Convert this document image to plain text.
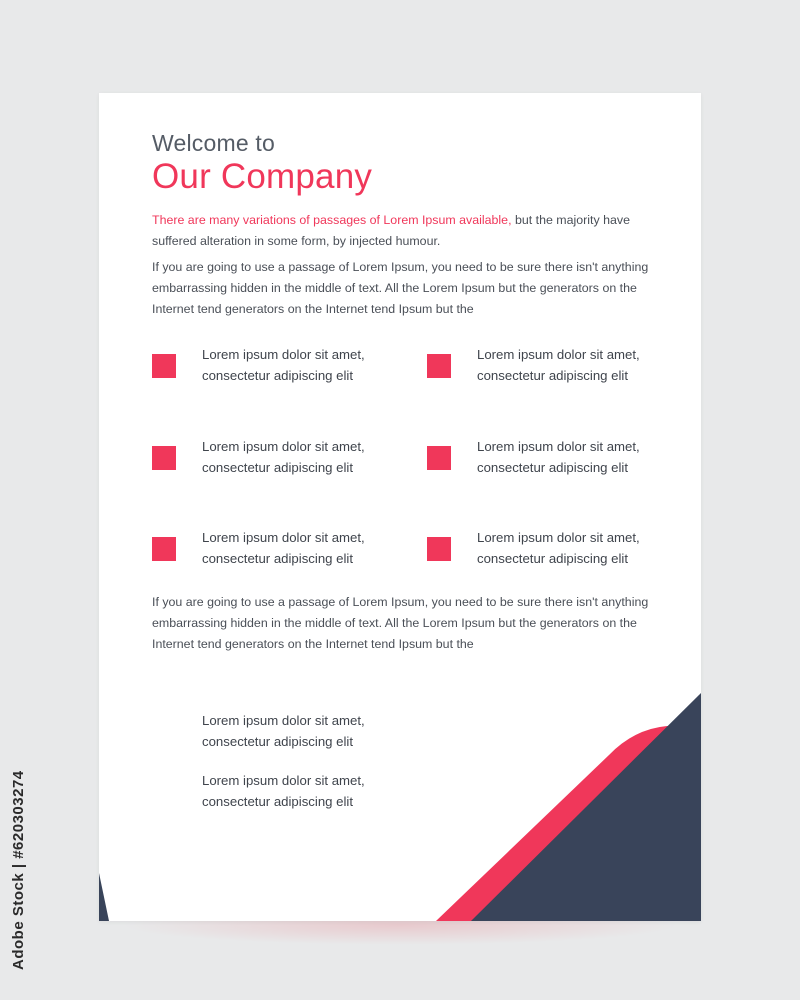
Welcome to
Our Company
There are many variations of passages of Lorem Ipsum available, but the majority have suffered alteration in some form, by injected humour.
If you are going to use a passage of Lorem Ipsum, you need to be sure there isn't anything embarrassing hidden in the middle of text. All the Lorem Ipsum but the generators on the Internet tend generators on the Internet tend Ipsum but the
Lorem ipsum dolor sit amet, consectetur adipiscing elit
Lorem ipsum dolor sit amet, consectetur adipiscing elit
Lorem ipsum dolor sit amet, consectetur adipiscing elit
Lorem ipsum dolor sit amet, consectetur adipiscing elit
Lorem ipsum dolor sit amet, consectetur adipiscing elit
Lorem ipsum dolor sit amet, consectetur adipiscing elit
If you are going to use a passage of Lorem Ipsum, you need to be sure there isn't anything embarrassing hidden in the middle of text. All the Lorem Ipsum but the generators on the Internet tend generators on the Internet tend Ipsum but the
Lorem ipsum dolor sit amet, consectetur adipiscing elit
Lorem ipsum dolor sit amet, consectetur adipiscing elit
Adobe Stock | #620303274
